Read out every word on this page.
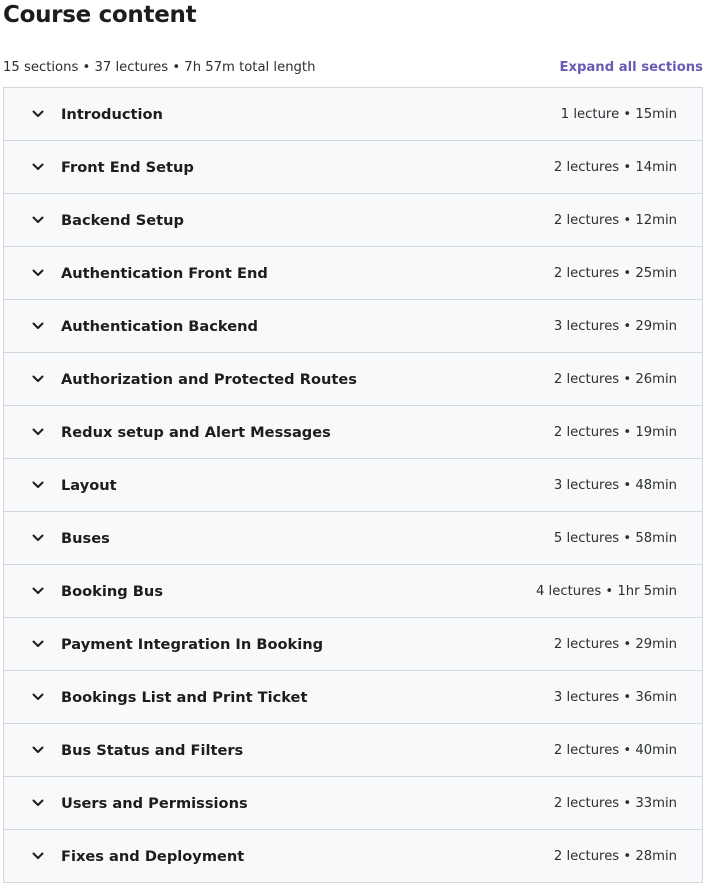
Course content
15 sections • 37 lectures • 7h 57m total length	Expand all sections
Introduction	1 lecture • 15min
Front End Setup	2 lectures • 14min
Backend Setup	2 lectures • 12min
Authentication Front End	2 lectures • 25min
Authentication Backend	3 lectures • 29min
Authorization and Protected Routes	2 lectures • 26min
Redux setup and Alert Messages	2 lectures • 19min
Layout	3 lectures • 48min
Buses	5 lectures • 58min
Booking Bus	4 lectures • 1hr 5min
Payment Integration In Booking	2 lectures • 29min
Bookings List and Print Ticket	3 lectures • 36min
Bus Status and Filters	2 lectures • 40min
Users and Permissions	2 lectures • 33min
Fixes and Deployment	2 lectures • 28min
